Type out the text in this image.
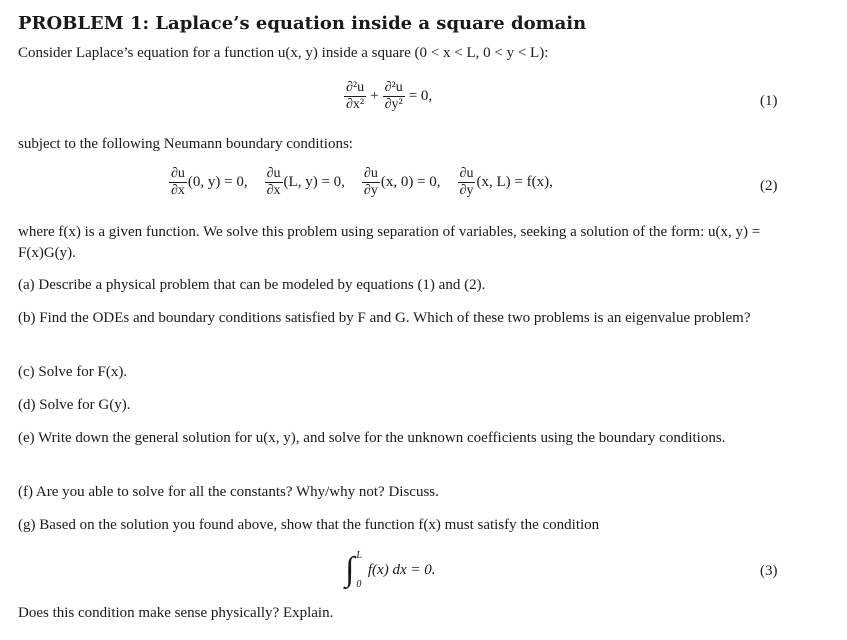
PROBLEM 1: Laplace’s equation inside a square domain
Consider Laplace’s equation for a function u(x, y) inside a square (0 < x < L, 0 < y < L):
$\frac{\text{∂²u}}{\text{∂x²}} + \frac{\text{∂²u}}{\text{∂y²}} = 0$,	(1)
subject to the following Neumann boundary conditions:
$\frac{\partial u}{\partial x} (0$, y) = 0, $\frac{\partial u}{\partial x} (L$, y) = 0, $\frac{\partial u}{\partial y} (x$, 0) = 0, $\frac{\partial u}{\partial y} (x$, L) = f(x),	(2)
where f(x) is a given function. We solve this problem using separation of variables, seeking a solution of the form: u(x, y) = F(x)G(y).
(a) Describe a physical problem that can be modeled by equations (1) and (2).
(b) Find the ODEs and boundary conditions satisfied by F and G. Which of these two problems is an eigenvalue problem?
(c) Solve for F(x).
(d) Solve for G(y).
(e) Write down the general solution for u(x, y), and solve for the unknown coefficients using the boundary conditions.
(f) Are you able to solve for all the constants? Why/why not? Discuss.
(g) Based on the solution you found above, show that the function f(x) must satisfy the condition
∫ L
0
f(x) dx = 0.	(3)
Does this condition make sense physically? Explain.
